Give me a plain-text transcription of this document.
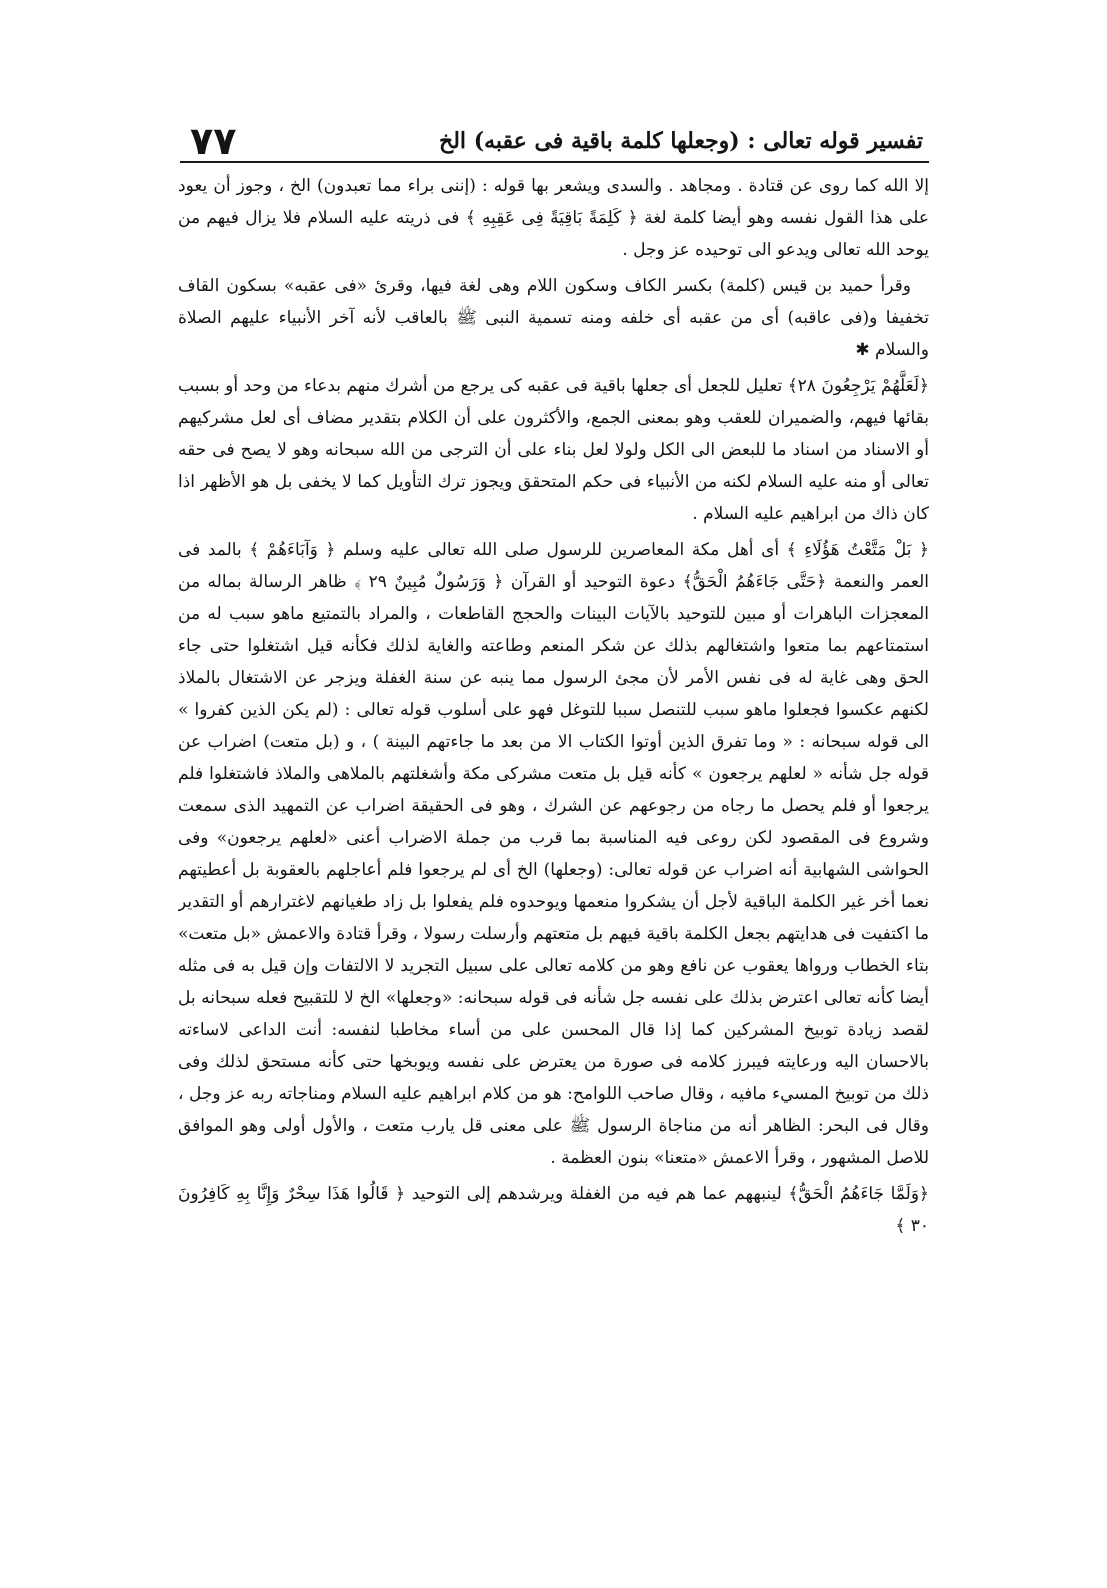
تفسير قوله تعالى : (وجعلها كلمة باقية فى عقبه) الخ
٧٧

إلا الله كما روى عن قتادة . ومجاهد . والسدى ويشعر بها قوله : (إننى براء مما تعبدون) الخ ، وجوز أن يعود على هذا القول نفسه وهو أيضا كلمة لغة ﴿ كَلِمَةً بَاقِيَةً فِى عَقِبِهِ ﴾ فى ذريته عليه السلام فلا يزال فيهم من يوحد الله تعالى ويدعو الى توحيده عز وجل .

وقرأ حميد بن قيس (كلمة) بكسر الكاف وسكون اللام وهى لغة فيها، وقرئ «فى عقبه» بسكون القاف تخفيفا و(فى عاقبه) أى من عقبه أى خلفه ومنه تسمية النبى ﷺ بالعاقب لأنه آخر الأنبياء عليهم الصلاة والسلام ✱

﴿لَعَلَّهُمْ يَرْجِعُونَ ٢٨﴾ تعليل للجعل أى جعلها باقية فى عقبه كى يرجع من أشرك منهم بدعاء من وحد أو بسبب بقائها فيهم، والضميران للعقب وهو بمعنى الجمع، والأكثرون على أن الكلام بتقدير مضاف أى لعل مشركيهم أو الاسناد من اسناد ما للبعض الى الكل ولولا لعل بناء على أن الترجى من الله سبحانه وهو لا يصح فى حقه تعالى أو منه عليه السلام لكنه من الأنبياء فى حكم المتحقق ويجوز ترك التأويل كما لا يخفى بل هو الأظهر اذا كان ذاك من ابراهيم عليه السلام .

﴿ بَلْ مَتَّعْتُ هَؤُلَاءِ ﴾ أى أهل مكة المعاصرين للرسول صلى الله تعالى عليه وسلم ﴿ وَآبَاءَهُمْ ﴾ بالمد فى العمر والنعمة ﴿حَتَّى جَاءَهُمُ الْحَقُّ﴾ دعوة التوحيد أو القرآن ﴿ وَرَسُولٌ مُبِينٌ ٢٩ ﴾ ظاهر الرسالة بماله من المعجزات الباهرات أو مبين للتوحيد بالآيات البينات والحجج القاطعات ، والمراد بالتمتيع ماهو سبب له من استمتاعهم بما متعوا واشتغالهم بذلك عن شكر المنعم وطاعته والغاية لذلك فكأنه قيل اشتغلوا حتى جاء الحق وهى غاية له فى نفس الأمر لأن مجئ الرسول مما ينبه عن سنة الغفلة ويزجر عن الاشتغال بالملاذ لكنهم عكسوا فجعلوا ماهو سبب للتنصل سببا للتوغل فهو على أسلوب قوله تعالى : (لم يكن الذين كفروا » الى قوله سبحانه : « وما تفرق الذين أوتوا الكتاب الا من بعد ما جاءتهم البينة ) ، و (بل متعت) اضراب عن قوله جل شأنه « لعلهم يرجعون » كأنه قيل بل متعت مشركى مكة وأشغلتهم بالملاهى والملاذ فاشتغلوا فلم يرجعوا أو فلم يحصل ما رجاه من رجوعهم عن الشرك ، وهو فى الحقيقة اضراب عن التمهيد الذى سمعت وشروع فى المقصود لكن روعى فيه المناسبة بما قرب من جملة الاضراب أعنى «لعلهم يرجعون» وفى الحواشى الشهابية أنه اضراب عن قوله تعالى: (وجعلها) الخ أى لم يرجعوا فلم أعاجلهم بالعقوبة بل أعطيتهم نعما أخر غير الكلمة الباقية لأجل أن يشكروا منعمها ويوحدوه فلم يفعلوا بل زاد طغيانهم لاغترارهم أو التقدير ما اكتفيت فى هدايتهم بجعل الكلمة باقية فيهم بل متعتهم وأرسلت رسولا ، وقرأ قتادة والاعمش «بل متعت» بتاء الخطاب ورواها يعقوب عن نافع وهو من كلامه تعالى على سبيل التجريد لا الالتفات وإن قيل به فى مثله أيضا كأنه تعالى اعترض بذلك على نفسه جل شأنه فى قوله سبحانه: «وجعلها» الخ لا للتقبيح فعله سبحانه بل لقصد زيادة توبيخ المشركين كما إذا قال المحسن على من أساء مخاطبا لنفسه: أنت الداعى لاساءته بالاحسان اليه ورعايته فيبرز كلامه فى صورة من يعترض على نفسه ويوبخها حتى كأنه مستحق لذلك وفى ذلك من توبيخ المسيء مافيه ، وقال صاحب اللوامح: هو من كلام ابراهيم عليه السلام ومناجاته ربه عز وجل ، وقال فى البحر: الظاهر أنه من مناجاة الرسول ﷺ على معنى قل يارب متعت ، والأول أولى وهو الموافق للاصل المشهور ، وقرأ الاعمش «متعنا» بنون العظمة .

﴿وَلَمَّا جَاءَهُمُ الْحَقُّ﴾ لينبههم عما هم فيه من الغفلة ويرشدهم إلى التوحيد ﴿ قَالُوا هَذَا سِحْرٌ وَإِنَّا بِهِ كَافِرُونَ ٣٠ ﴾
